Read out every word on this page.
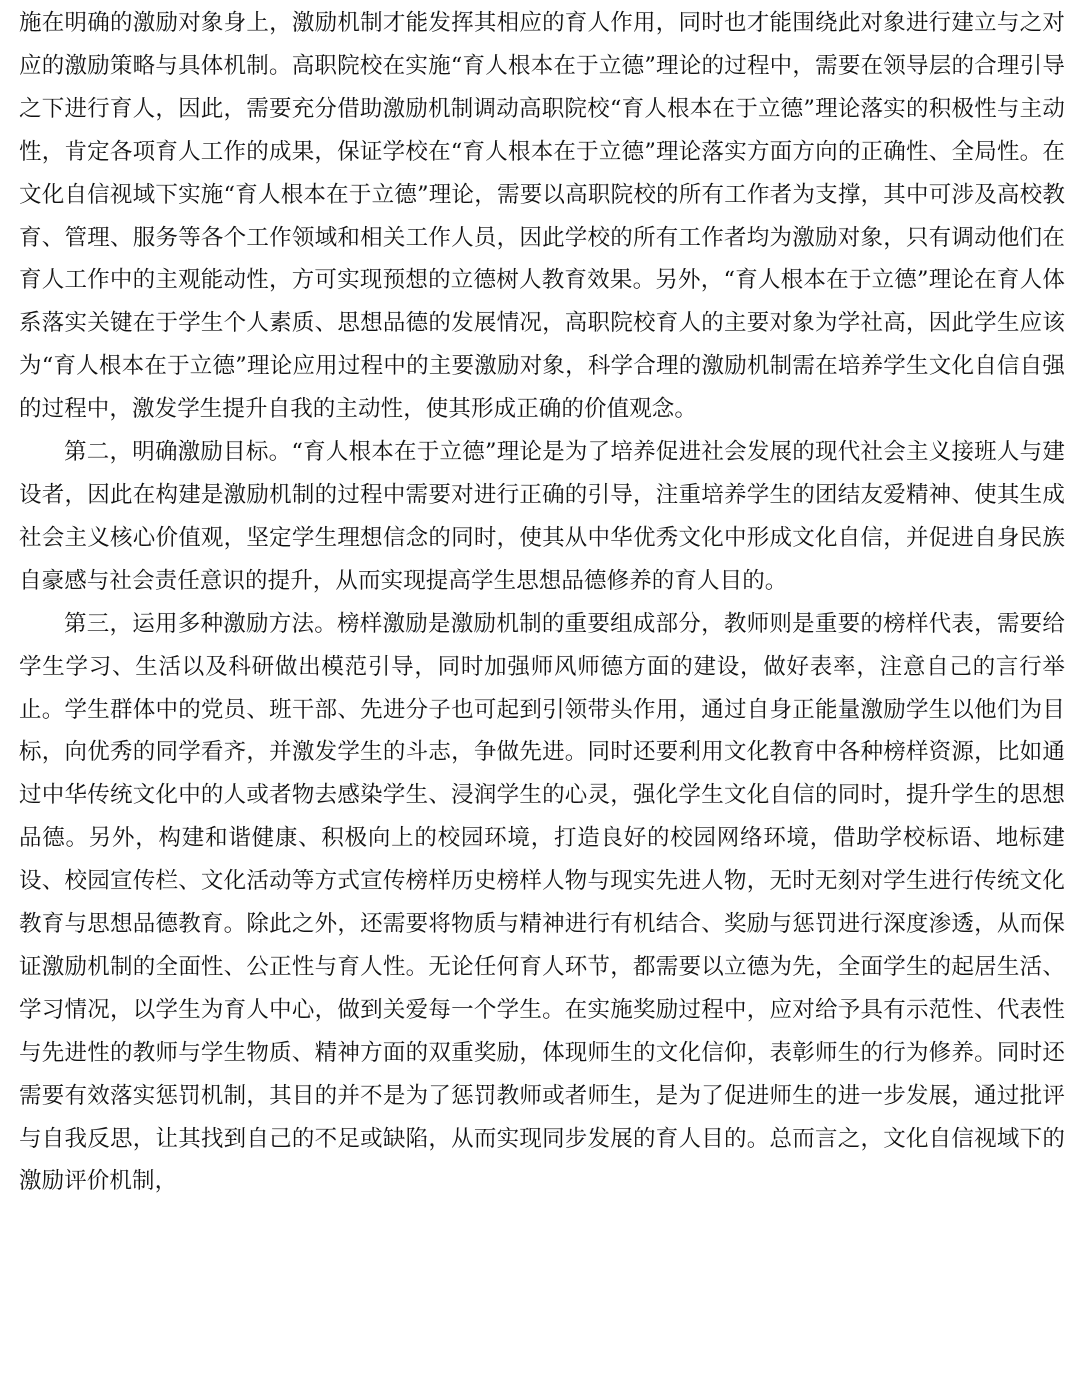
施在明确的激励对象身上，激励机制才能发挥其相应的育人作用，同时也才能围绕此对象进行建立与之对应的激励策略与具体机制。高职院校在实施“育人根本在于立德”理论的过程中，需要在领导层的合理引导之下进行育人，因此，需要充分借助激励机制调动高职院校“育人根本在于立德”理论落实的积极性与主动性，肯定各项育人工作的成果，保证学校在“育人根本在于立德”理论落实方面方向的正确性、全局性。在文化自信视域下实施“育人根本在于立德”理论，需要以高职院校的所有工作者为支撑，其中可涉及高校教育、管理、服务等各个工作领域和相关工作人员，因此学校的所有工作者均为激励对象，只有调动他们在育人工作中的主观能动性，方可实现预想的立德树人教育效果。另外，“育人根本在于立德”理论在育人体系落实关键在于学生个人素质、思想品德的发展情况，高职院校育人的主要对象为学社高，因此学生应该为“育人根本在于立德”理论应用过程中的主要激励对象，科学合理的激励机制需在培养学生文化自信自强的过程中，激发学生提升自我的主动性，使其形成正确的价值观念。

第二，明确激励目标。“育人根本在于立德”理论是为了培养促进社会发展的现代社会主义接班人与建设者，因此在构建是激励机制的过程中需要对进行正确的引导，注重培养学生的团结友爱精神、使其生成社会主义核心价值观，坚定学生理想信念的同时，使其从中华优秀文化中形成文化自信，并促进自身民族自豪感与社会责任意识的提升，从而实现提高学生思想品德修养的育人目的。

第三，运用多种激励方法。榜样激励是激励机制的重要组成部分，教师则是重要的榜样代表，需要给学生学习、生活以及科研做出模范引导，同时加强师风师德方面的建设，做好表率，注意自己的言行举止。学生群体中的党员、班干部、先进分子也可起到引领带头作用，通过自身正能量激励学生以他们为目标，向优秀的同学看齐，并激发学生的斗志，争做先进。同时还要利用文化教育中各种榜样资源，比如通过中华传统文化中的人或者物去感染学生、浸润学生的心灵，强化学生文化自信的同时，提升学生的思想品德。另外，构建和谐健康、积极向上的校园环境，打造良好的校园网络环境，借助学校标语、地标建设、校园宣传栏、文化活动等方式宣传榜样历史榜样人物与现实先进人物，无时无刻对学生进行传统文化教育与思想品德教育。除此之外，还需要将物质与精神进行有机结合、奖励与惩罚进行深度渗透，从而保证激励机制的全面性、公正性与育人性。无论任何育人环节，都需要以立德为先，全面学生的起居生活、学习情况，以学生为育人中心，做到关爱每一个学生。在实施奖励过程中，应对给予具有示范性、代表性与先进性的教师与学生物质、精神方面的双重奖励，体现师生的文化信仰，表彰师生的行为修养。同时还需要有效落实惩罚机制，其目的并不是为了惩罚教师或者师生，是为了促进师生的进一步发展，通过批评与自我反思，让其找到自己的不足或缺陷，从而实现同步发展的育人目的。总而言之，文化自信视域下的激励评价机制，
